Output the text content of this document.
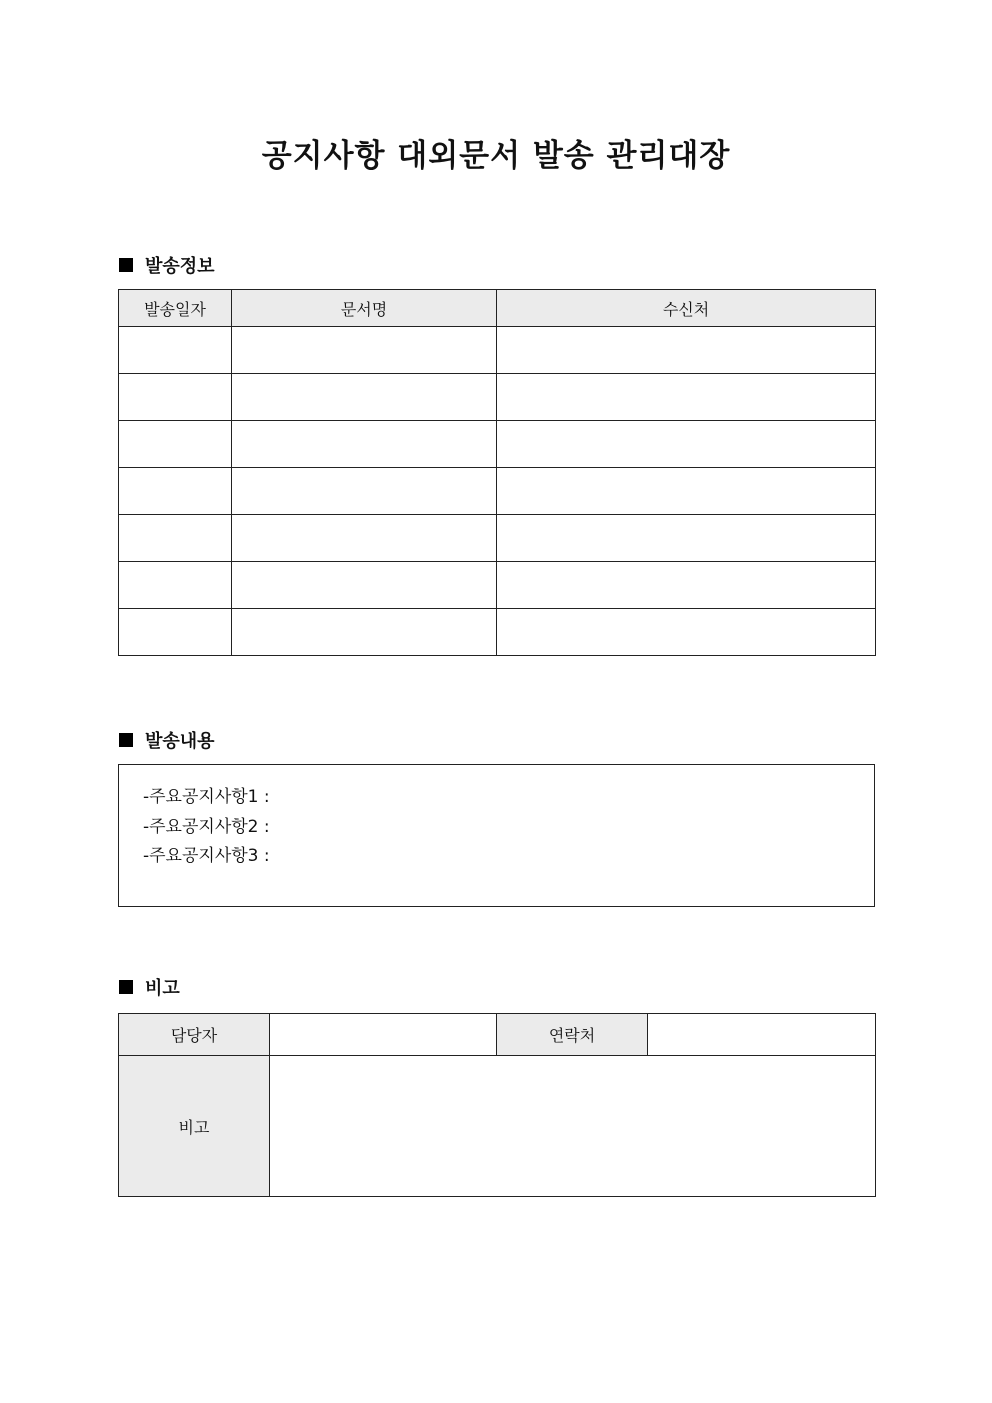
공지사항 대외문서 발송 관리대장
발송정보
발송일자	문서명	수신처

발송내용
-주요공지사항1 :
-주요공지사항2 :
-주요공지사항3 :
비고
담당자		연락처	
비고			
